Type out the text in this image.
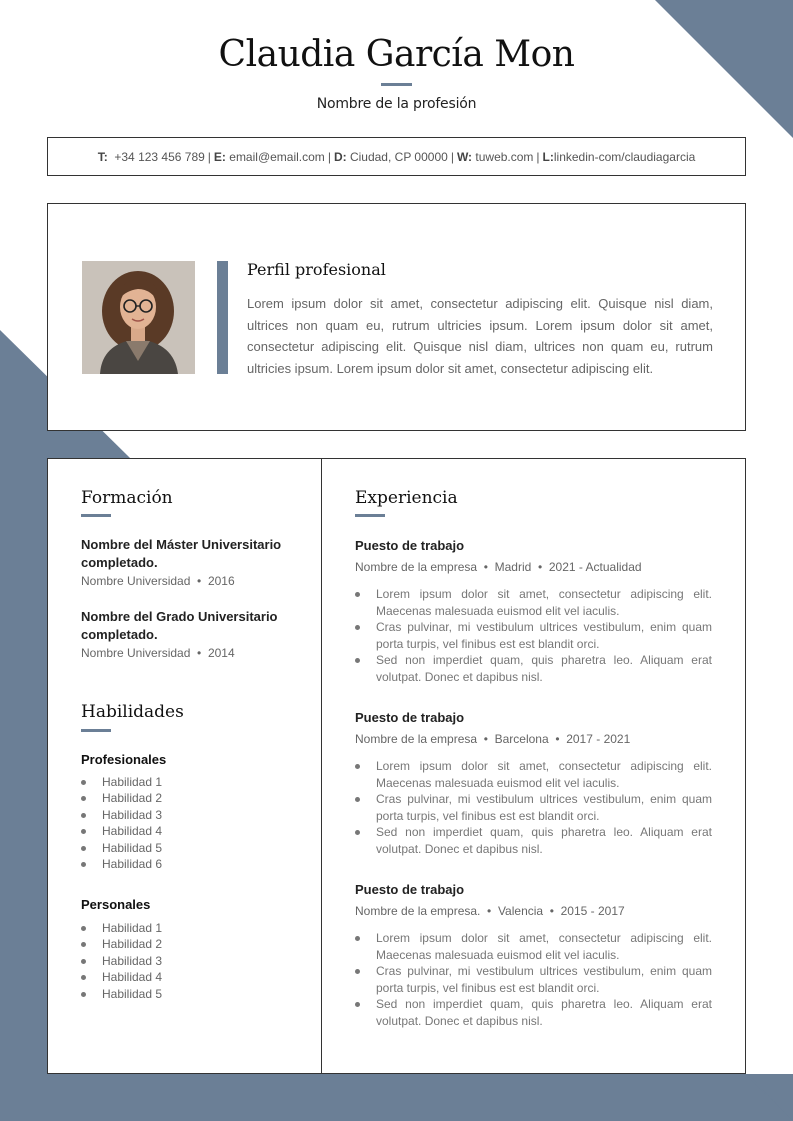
Claudia García Mon
Nombre de la profesión
T:
+34 123 456 789 | E:
email@email.com | D:
Ciudad, CP 00000 | W:
tuweb.com | L: linkedin-com/claudiagarcia
Perfil profesional
Lorem ipsum dolor sit amet, consectetur adipiscing elit. Quisque nisl diam, ultrices non quam eu, rutrum ultricies ipsum. Lorem ipsum dolor sit amet, consectetur adipiscing elit. Quisque nisl diam, ultrices non quam eu, rutrum ultricies ipsum. Lorem ipsum dolor sit amet, consectetur adipiscing elit.
Formación
Nombre del Máster Universitario completado.
Nombre Universidad  •  2016
Nombre del Grado Universitario completado.
Nombre Universidad  •  2014
Habilidades
Profesionales
Habilidad 1
Habilidad 2
Habilidad 3
Habilidad 4
Habilidad 5
Habilidad 6
Personales
Habilidad 1
Habilidad 2
Habilidad 3
Habilidad 4
Habilidad 5
Experiencia
Puesto de trabajo
Nombre de la empresa  •  Madrid  •  2021 - Actualidad
Lorem ipsum dolor sit amet, consectetur adipiscing elit. Maecenas malesuada euismod elit vel iaculis.
Cras pulvinar, mi vestibulum ultrices vestibulum, enim quam porta turpis, vel finibus est est blandit orci.
Sed non imperdiet quam, quis pharetra leo. Aliquam erat volutpat. Donec et dapibus nisl.
Puesto de trabajo
Nombre de la empresa  •  Barcelona  •  2017 - 2021
Lorem ipsum dolor sit amet, consectetur adipiscing elit. Maecenas malesuada euismod elit vel iaculis.
Cras pulvinar, mi vestibulum ultrices vestibulum, enim quam porta turpis, vel finibus est est blandit orci.
Sed non imperdiet quam, quis pharetra leo. Aliquam erat volutpat. Donec et dapibus nisl.
Puesto de trabajo
Nombre de la empresa.  •  Valencia  •  2015 - 2017
Lorem ipsum dolor sit amet, consectetur adipiscing elit. Maecenas malesuada euismod elit vel iaculis.
Cras pulvinar, mi vestibulum ultrices vestibulum, enim quam porta turpis, vel finibus est est blandit orci.
Sed non imperdiet quam, quis pharetra leo. Aliquam erat volutpat. Donec et dapibus nisl.
